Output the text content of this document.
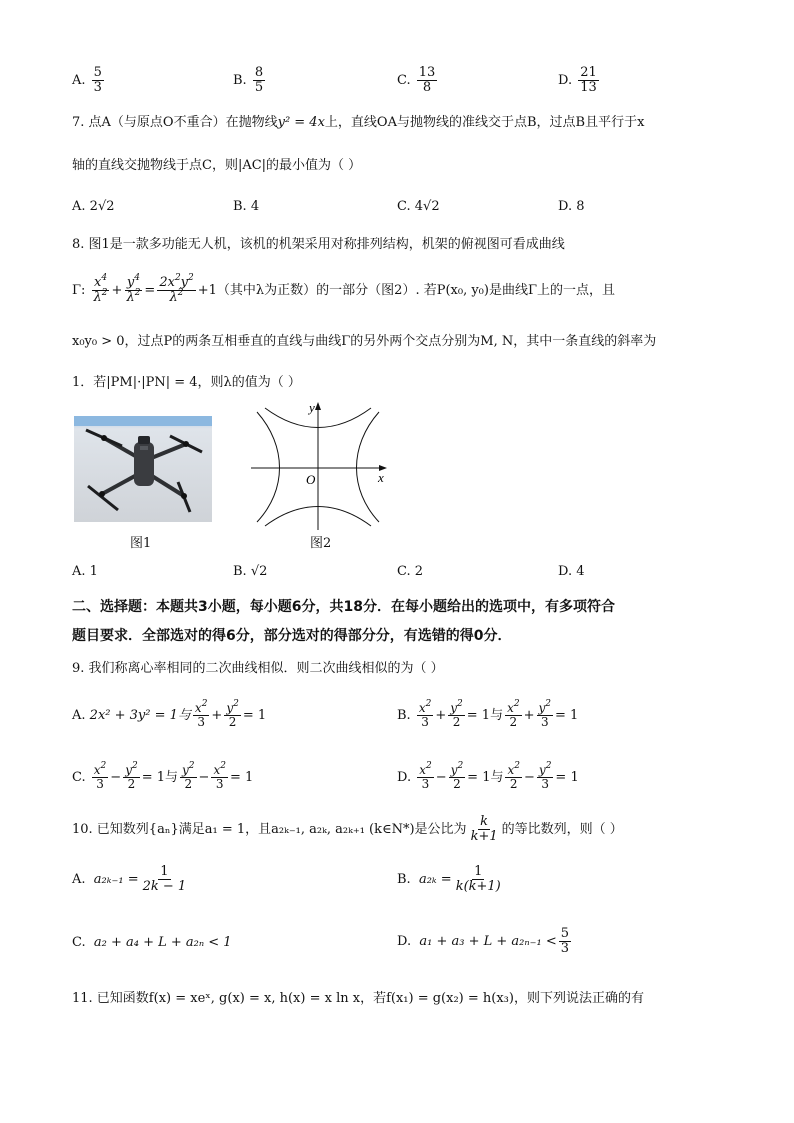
A. $\frac{5}{3}$	B. $\frac{8}{5}$	C. $\frac{13}{8}$	D. $\frac{21}{13}$
7. 点A（与原点O不重合）在抛物线y² = 4x上，直线OA与抛物线的准线交于点B，过点B且平行于x
轴的直线交抛物线于点C，则|AC|的最小值为（ ）
A. 2√2	B. 4	C. 4√2	D. 8
8. 图1是一款多功能无人机，该机的机架采用对称排列结构，机架的俯视图可看成曲线
Γ: $\frac{x^4}{\lambda^2} + \frac{y^4}{\lambda^2} = \frac{2x^2y^2}{\lambda^2} +1$（其中λ为正数）的一部分（图2）. 若P(x₀, y₀)是曲线Γ上的一点，且
x₀y₀ > 0，过点P的两条互相垂直的直线与曲线Γ的另外两个交点分别为M, N，其中一条直线的斜率为
1．若|PM|·|PN| = 4，则λ的值为（ ）
图1
x
y
O
图2
A. 1	B. √2	C. 2	D. 4
二、选择题：本题共3小题，每小题6分，共18分．在每小题给出的选项中，有多项符合
题目要求．全部选对的得6分，部分选对的得部分分，有选错的得0分．
9. 我们称离心率相同的二次曲线相似．则二次曲线相似的为（ ）
A. 2x² + 3y² = 1与 $\frac{x^2}{3} + \frac{y^2}{2} = 1$	B. $\frac{x^2}{3} + \frac{y^2}{2} = 1$与 $\frac{x^2}{2} + \frac{y^2}{3} = 1$
C. $\frac{x^2}{3} - \frac{y^2}{2} = 1$与 $\frac{y^2}{2} - \frac{x^2}{3} = 1$	D. $\frac{x^2}{3} - \frac{y^2}{2} = 1$与 $\frac{x^2}{2} - \frac{y^2}{3} = 1$
10. 已知数列{aₙ}满足a₁ = 1，且a₂ₖ₋₁, a₂ₖ, a₂ₖ₊₁ (k∈N*)是公比为 $\frac{k}{k+1}$ 的等比数列，则（ ）
A. $a_{2k-1} = \frac{1}{2k - 1}$	B. $a_{2k} = \frac{1}{k(k+1)}$
C. a₂ + a₄ + L + a₂ₙ < 1	D. $a_1 + a_3 + L + a_{2n-1} < \frac{5}{3}$
11. 已知函数f(x) = xeˣ, g(x) = x, h(x) = x ln x，若f(x₁) = g(x₂) = h(x₃)，则下列说法正确的有
